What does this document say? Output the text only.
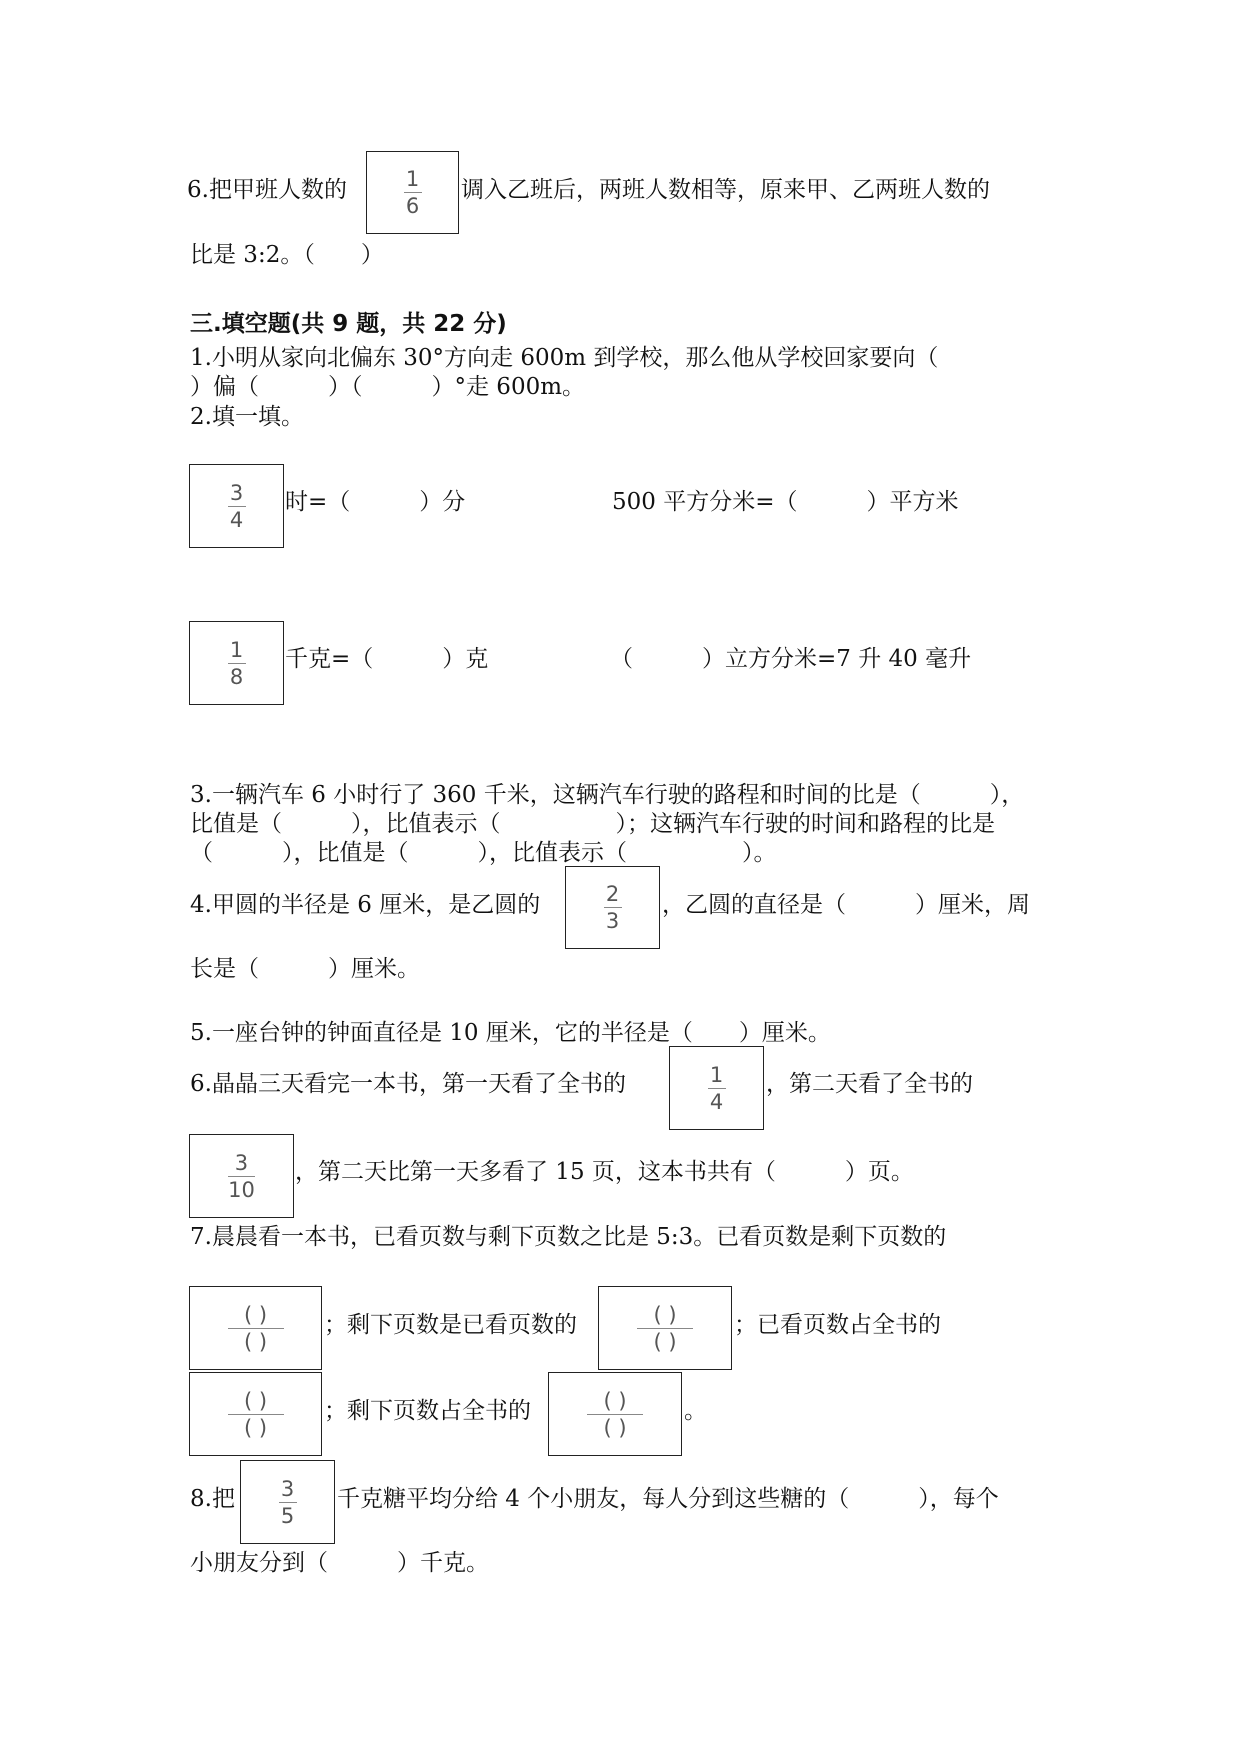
6.把甲班人数的	$\frac{1}{6}$ 调入乙班后，两班人数相等，原来甲、乙两班人数的
比是 3:2。（　　）
三.填空题(共 9 题，共 22 分)
1.小明从家向北偏东 30°方向走 600m 到学校，那么他从学校回家要向（
）偏（　　　）（　　　）°走 600m。
2.填一填。
$\frac{3}{4}$ 时=（　　　）分	500 平方分米=（　　　）平方米
$\frac{1}{8}$ 千克=（　　　）克	（　　　）立方分米=7 升 40 毫升
3.一辆汽车 6 小时行了 360 千米，这辆汽车行驶的路程和时间的比是（　　　），
比值是（　　　），比值表示（　　　　　）；这辆汽车行驶的时间和路程的比是
（　　　），比值是（　　　），比值表示（　　　　　）。
4.甲圆的半径是 6 厘米，是乙圆的	$\frac{2}{3}$ ，乙圆的直径是（　　　）厘米，周
长是（　　　）厘米。
5.一座台钟的钟面直径是 10 厘米，它的半径是（　　）厘米。
6.晶晶三天看完一本书，第一天看了全书的	$\frac{1}{4}$ ，第二天看了全书的
$\frac{3}{10}$ ，第二天比第一天多看了 15 页，这本书共有（　　　）页。
7.晨晨看一本书，已看页数与剩下页数之比是 5:3。已看页数是剩下页数的
$\frac{( )}{( )}$ ；剩下页数是已看页数的	$\frac{( )}{( )}$ ；已看页数占全书的
$\frac{( )}{( )}$ ；剩下页数占全书的	$\frac{( )}{( )}$ 。
8.把 $\frac{3}{5}$ 千克糖平均分给 4 个小朋友，每人分到这些糖的（　　　），每个
小朋友分到（　　　）千克。
